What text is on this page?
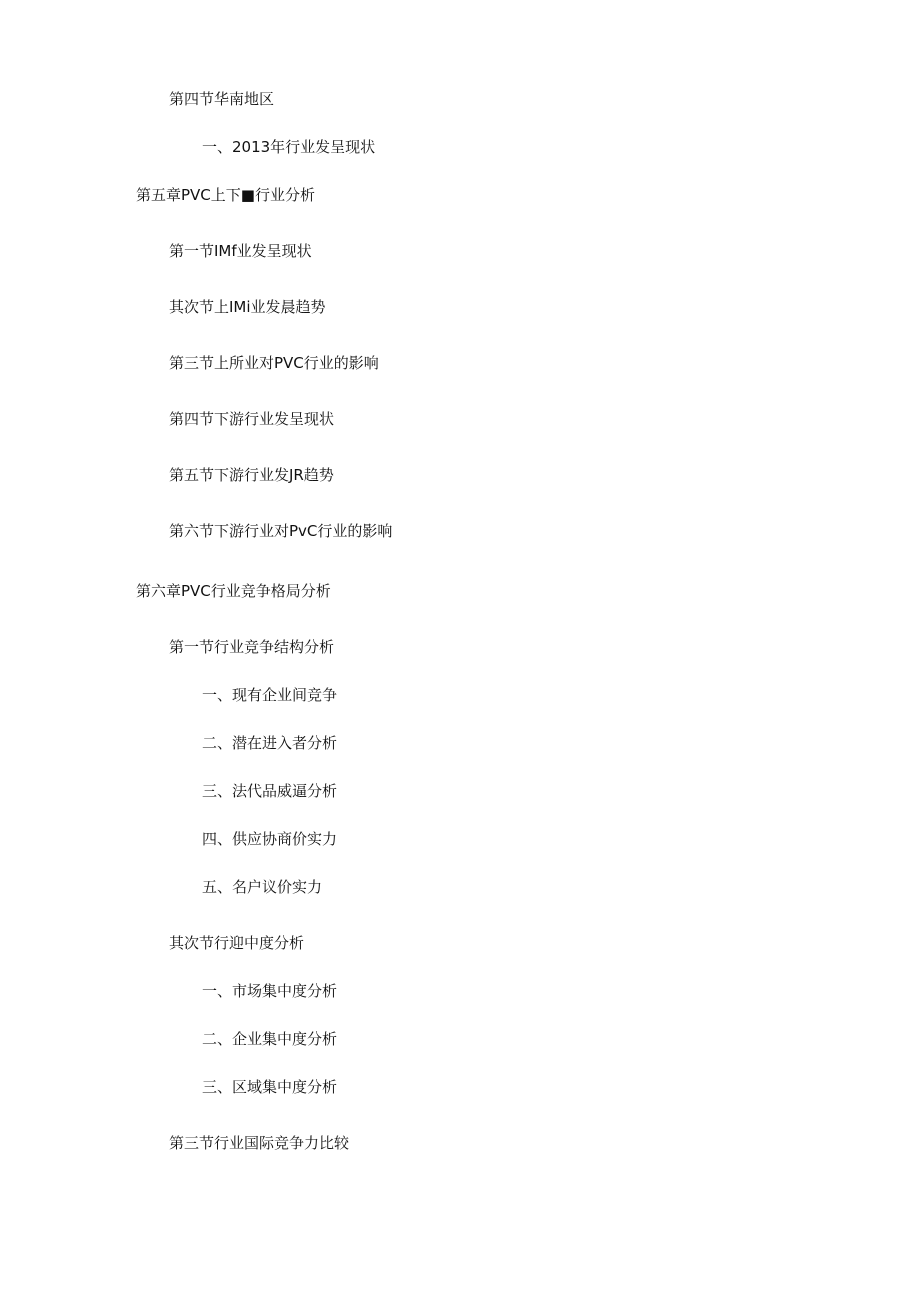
第四节华南地区
一、2013年行业发呈现状
第五章PVC上下■行业分析
第一节IMf业发呈现状
其次节上IMi业发晨趋势
第三节上所业对PVC行业的影响
第四节下游行业发呈现状
第五节下游行业发JR趋势
第六节下游行业对PvC行业的影响
第六章PVC行业竞争格局分析
第一节行业竞争结构分析
一、现有企业间竞争
二、潜在进入者分析
三、法代品威逼分析
四、供应协商价实力
五、名户议价实力
其次节行迎中度分析
一、市场集中度分析
二、企业集中度分析
三、区域集中度分析
第三节行业国际竞争力比较
